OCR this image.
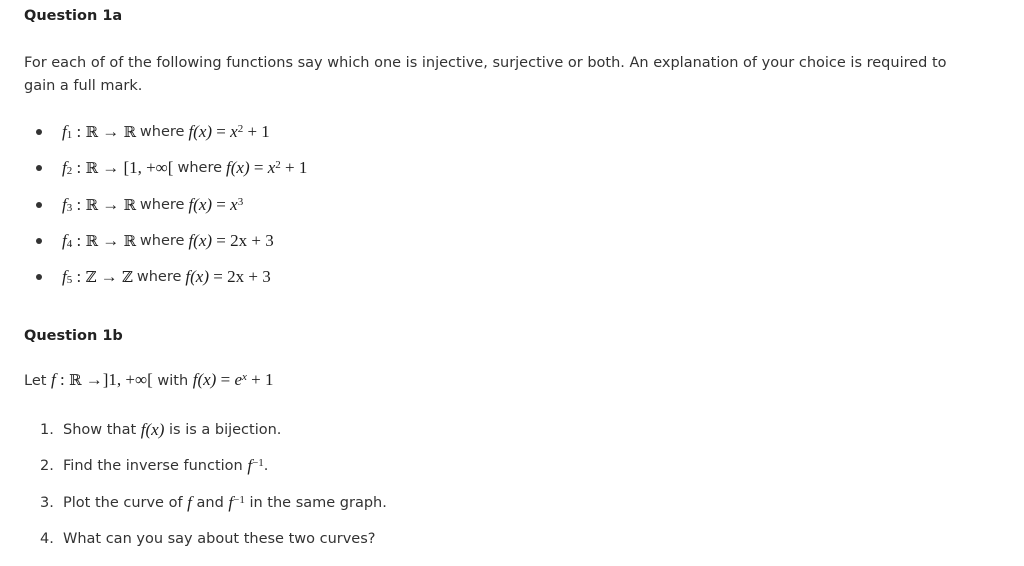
Question 1a
For each of of the following functions say which one is injective, surjective or both. An explanation of your choice is required to gain a full mark.
$f_1$ : ℝ → ℝ where $f(x) = x^2 + 1$
$f_2$ : ℝ → [1, +∞[ where $f(x) = x^2 + 1$
$f_3$ : ℝ → ℝ where $f(x) = x^3$
$f_4$ : ℝ → ℝ where f(x) = 2x + 3
$f_5$ : ℤ → ℤ where f(x) = 2x + 3
Question 1b
Let f : ℝ →]1, +∞[ with $f(x) = e^x + 1$
1. Show that
f(x)
is is a bijection.
2. Find the inverse function
$f^{-1}$ .
3. Plot the curve of
f
and
$f^{-1}$
in the same graph.
4. What can you say about these two curves?
